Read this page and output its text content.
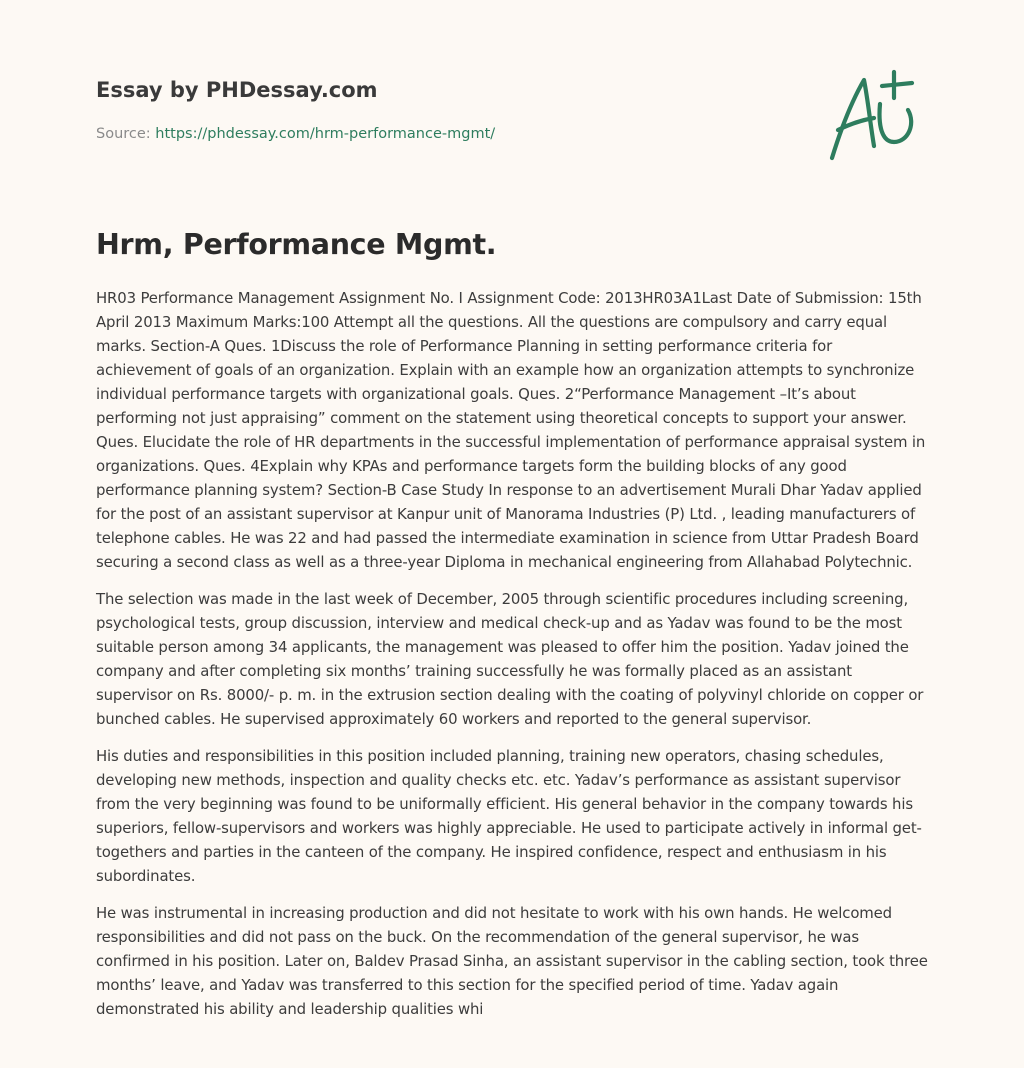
Essay by PHDessay.com
Source: https://phdessay.com/hrm-performance-mgmt/
Hrm, Performance Mgmt.

HR03 Performance Management Assignment No. I Assignment Code: 2013HR03A1Last Date of Submission: 15th April 2013 Maximum Marks:100 Attempt all the questions. All the questions are compulsory and carry equal marks. Section-A Ques. 1Discuss the role of Performance Planning in setting performance criteria for achievement of goals of an organization. Explain with an example how an organization attempts to synchronize individual performance targets with organizational goals. Ques. 2“Performance Management –It’s about performing not just appraising” comment on the statement using theoretical concepts to support your answer. Ques. Elucidate the role of HR departments in the successful implementation of performance appraisal system in organizations. Ques. 4Explain why KPAs and performance targets form the building blocks of any good performance planning system? Section-B Case Study In response to an advertisement Murali Dhar Yadav applied for the post of an assistant supervisor at Kanpur unit of Manorama Industries (P) Ltd. , leading manufacturers of telephone cables. He was 22 and had passed the intermediate examination in science from Uttar Pradesh Board securing a second class as well as a three-year Diploma in mechanical engineering from Allahabad Polytechnic.

The selection was made in the last week of December, 2005 through scientific procedures including screening, psychological tests, group discussion, interview and medical check-up and as Yadav was found to be the most suitable person among 34 applicants, the management was pleased to offer him the position. Yadav joined the company and after completing six months’ training successfully he was formally placed as an assistant supervisor on Rs. 8000/- p. m. in the extrusion section dealing with the coating of polyvinyl chloride on copper or bunched cables. He supervised approximately 60 workers and reported to the general supervisor.

His duties and responsibilities in this position included planning, training new operators, chasing schedules, developing new methods, inspection and quality checks etc. etc. Yadav’s performance as assistant supervisor from the very beginning was found to be uniformally efficient. His general behavior in the company towards his superiors, fellow-supervisors and workers was highly appreciable. He used to participate actively in informal get-togethers and parties in the canteen of the company. He inspired confidence, respect and enthusiasm in his subordinates.

He was instrumental in increasing production and did not hesitate to work with his own hands. He welcomed responsibilities and did not pass on the buck. On the recommendation of the general supervisor, he was confirmed in his position. Later on, Baldev Prasad Sinha, an assistant supervisor in the cabling section, took three months’ leave, and Yadav was transferred to this section for the specified period of time. Yadav again demonstrated his ability and leadership qualities whi
